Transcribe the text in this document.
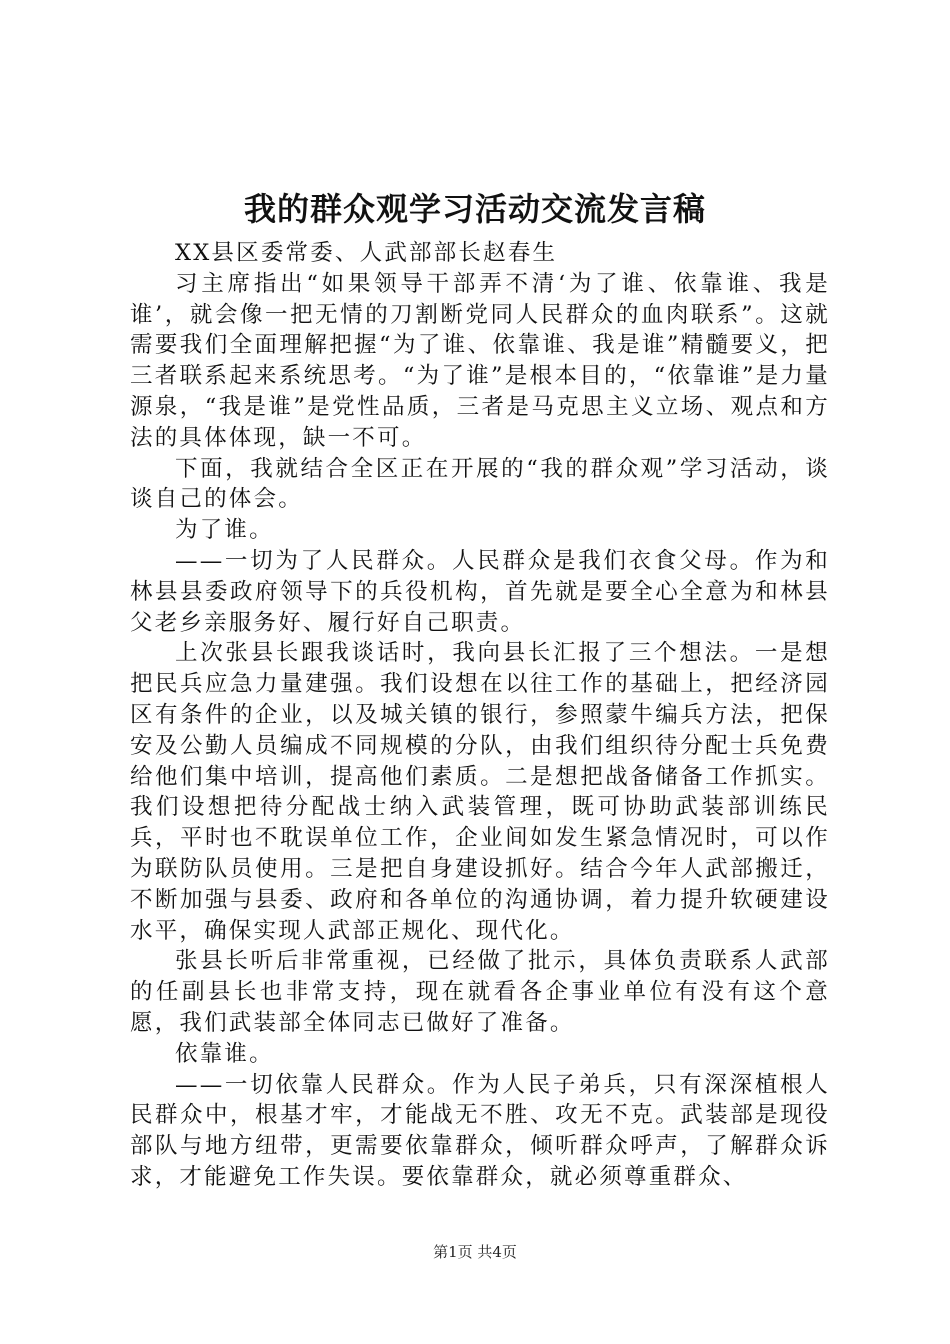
我的群众观学习活动交流发言稿

XX县区委常委、人武部部长赵春生

习主席指出“如果领导干部弄不清‘为了谁、依靠谁、我是谁’，就会像一把无情的刀割断党同人民群众的血肉联系”。这就需要我们全面理解把握“为了谁、依靠谁、我是谁”精髓要义，把三者联系起来系统思考。“为了谁”是根本目的，“依靠谁”是力量源泉，“我是谁”是党性品质，三者是马克思主义立场、观点和方法的具体体现，缺一不可。

下面，我就结合全区正在开展的“我的群众观”学习活动，谈谈自己的体会。

为了谁。

——一切为了人民群众。人民群众是我们衣食父母。作为和林县县委政府领导下的兵役机构，首先就是要全心全意为和林县父老乡亲服务好、履行好自己职责。

上次张县长跟我谈话时，我向县长汇报了三个想法。一是想把民兵应急力量建强。我们设想在以往工作的基础上，把经济园区有条件的企业，以及城关镇的银行，参照蒙牛编兵方法，把保安及公勤人员编成不同规模的分队，由我们组织待分配士兵免费给他们集中培训，提高他们素质。二是想把战备储备工作抓实。我们设想把待分配战士纳入武装管理，既可协助武装部训练民兵，平时也不耽误单位工作，企业间如发生紧急情况时，可以作为联防队员使用。三是把自身建设抓好。结合今年人武部搬迁，不断加强与县委、政府和各单位的沟通协调，着力提升软硬建设水平，确保实现人武部正规化、现代化。

张县长听后非常重视，已经做了批示，具体负责联系人武部的任副县长也非常支持，现在就看各企事业单位有没有这个意愿，我们武装部全体同志已做好了准备。

依靠谁。

——一切依靠人民群众。作为人民子弟兵，只有深深植根人民群众中，根基才牢，才能战无不胜、攻无不克。武装部是现役部队与地方纽带，更需要依靠群众，倾听群众呼声，了解群众诉求，才能避免工作失误。要依靠群众，就必须尊重群众、

第1页 共4页
